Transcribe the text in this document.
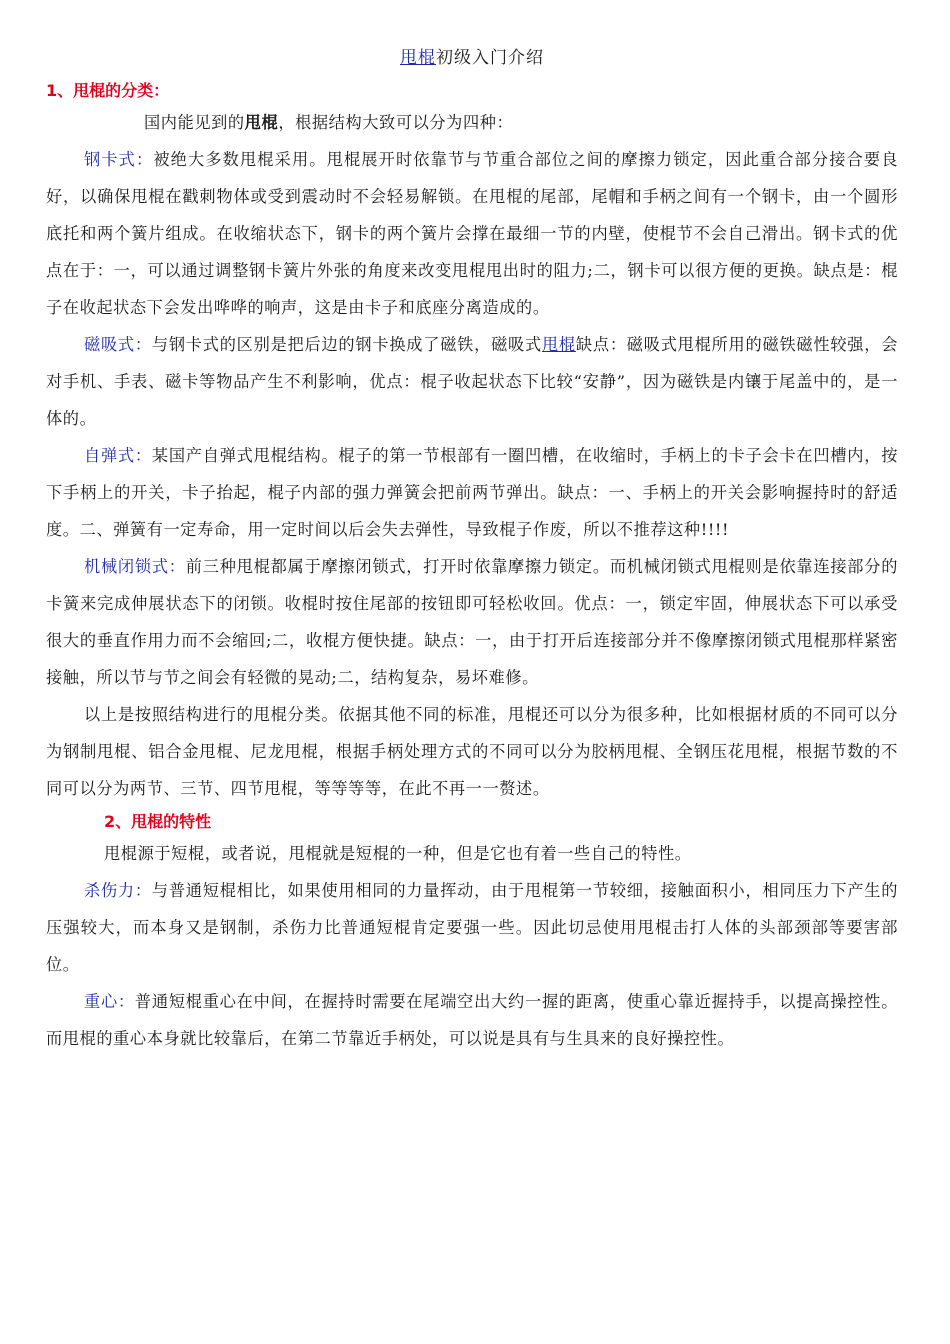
甩棍初级入门介绍
1、甩棍的分类：

国内能见到的甩棍，根据结构大致可以分为四种：

钢卡式：被绝大多数甩棍采用。甩棍展开时依靠节与节重合部位之间的摩擦力锁定，因此重合部分接合要良好，以确保甩棍在戳刺物体或受到震动时不会轻易解锁。在甩棍的尾部，尾帽和手柄之间有一个钢卡，由一个圆形底托和两个簧片组成。在收缩状态下，钢卡的两个簧片会撑在最细一节的内壁，使棍节不会自己滑出。钢卡式的优点在于：一，可以通过调整钢卡簧片外张的角度来改变甩棍甩出时的阻力;二，钢卡可以很方便的更换。缺点是：棍子在收起状态下会发出哗哗的响声，这是由卡子和底座分离造成的。

磁吸式：与钢卡式的区别是把后边的钢卡换成了磁铁，磁吸式甩棍缺点：磁吸式甩棍所用的磁铁磁性较强，会对手机、手表、磁卡等物品产生不利影响，优点：棍子收起状态下比较“安静”，因为磁铁是内镶于尾盖中的，是一体的。

自弹式：某国产自弹式甩棍结构。棍子的第一节根部有一圈凹槽，在收缩时，手柄上的卡子会卡在凹槽内，按下手柄上的开关，卡子抬起，棍子内部的强力弹簧会把前两节弹出。缺点：一、手柄上的开关会影响握持时的舒适度。二、弹簧有一定寿命，用一定时间以后会失去弹性，导致棍子作废，所以不推荐这种!!!!

机械闭锁式：前三种甩棍都属于摩擦闭锁式，打开时依靠摩擦力锁定。而机械闭锁式甩棍则是依靠连接部分的卡簧来完成伸展状态下的闭锁。收棍时按住尾部的按钮即可轻松收回。优点：一，锁定牢固，伸展状态下可以承受很大的垂直作用力而不会缩回;二，收棍方便快捷。缺点：一，由于打开后连接部分并不像摩擦闭锁式甩棍那样紧密接触，所以节与节之间会有轻微的晃动;二，结构复杂，易坏难修。

以上是按照结构进行的甩棍分类。依据其他不同的标准，甩棍还可以分为很多种，比如根据材质的不同可以分为钢制甩棍、铝合金甩棍、尼龙甩棍，根据手柄处理方式的不同可以分为胶柄甩棍、全钢压花甩棍，根据节数的不同可以分为两节、三节、四节甩棍，等等等等，在此不再一一赘述。

2、甩棍的特性

甩棍源于短棍，或者说，甩棍就是短棍的一种，但是它也有着一些自己的特性。

杀伤力：与普通短棍相比，如果使用相同的力量挥动，由于甩棍第一节较细，接触面积小，相同压力下产生的压强较大，而本身又是钢制，杀伤力比普通短棍肯定要强一些。因此切忌使用甩棍击打人体的头部颈部等要害部位。

重心：普通短棍重心在中间，在握持时需要在尾端空出大约一握的距离，使重心靠近握持手，以提高操控性。而甩棍的重心本身就比较靠后，在第二节靠近手柄处，可以说是具有与生具来的良好操控性。
